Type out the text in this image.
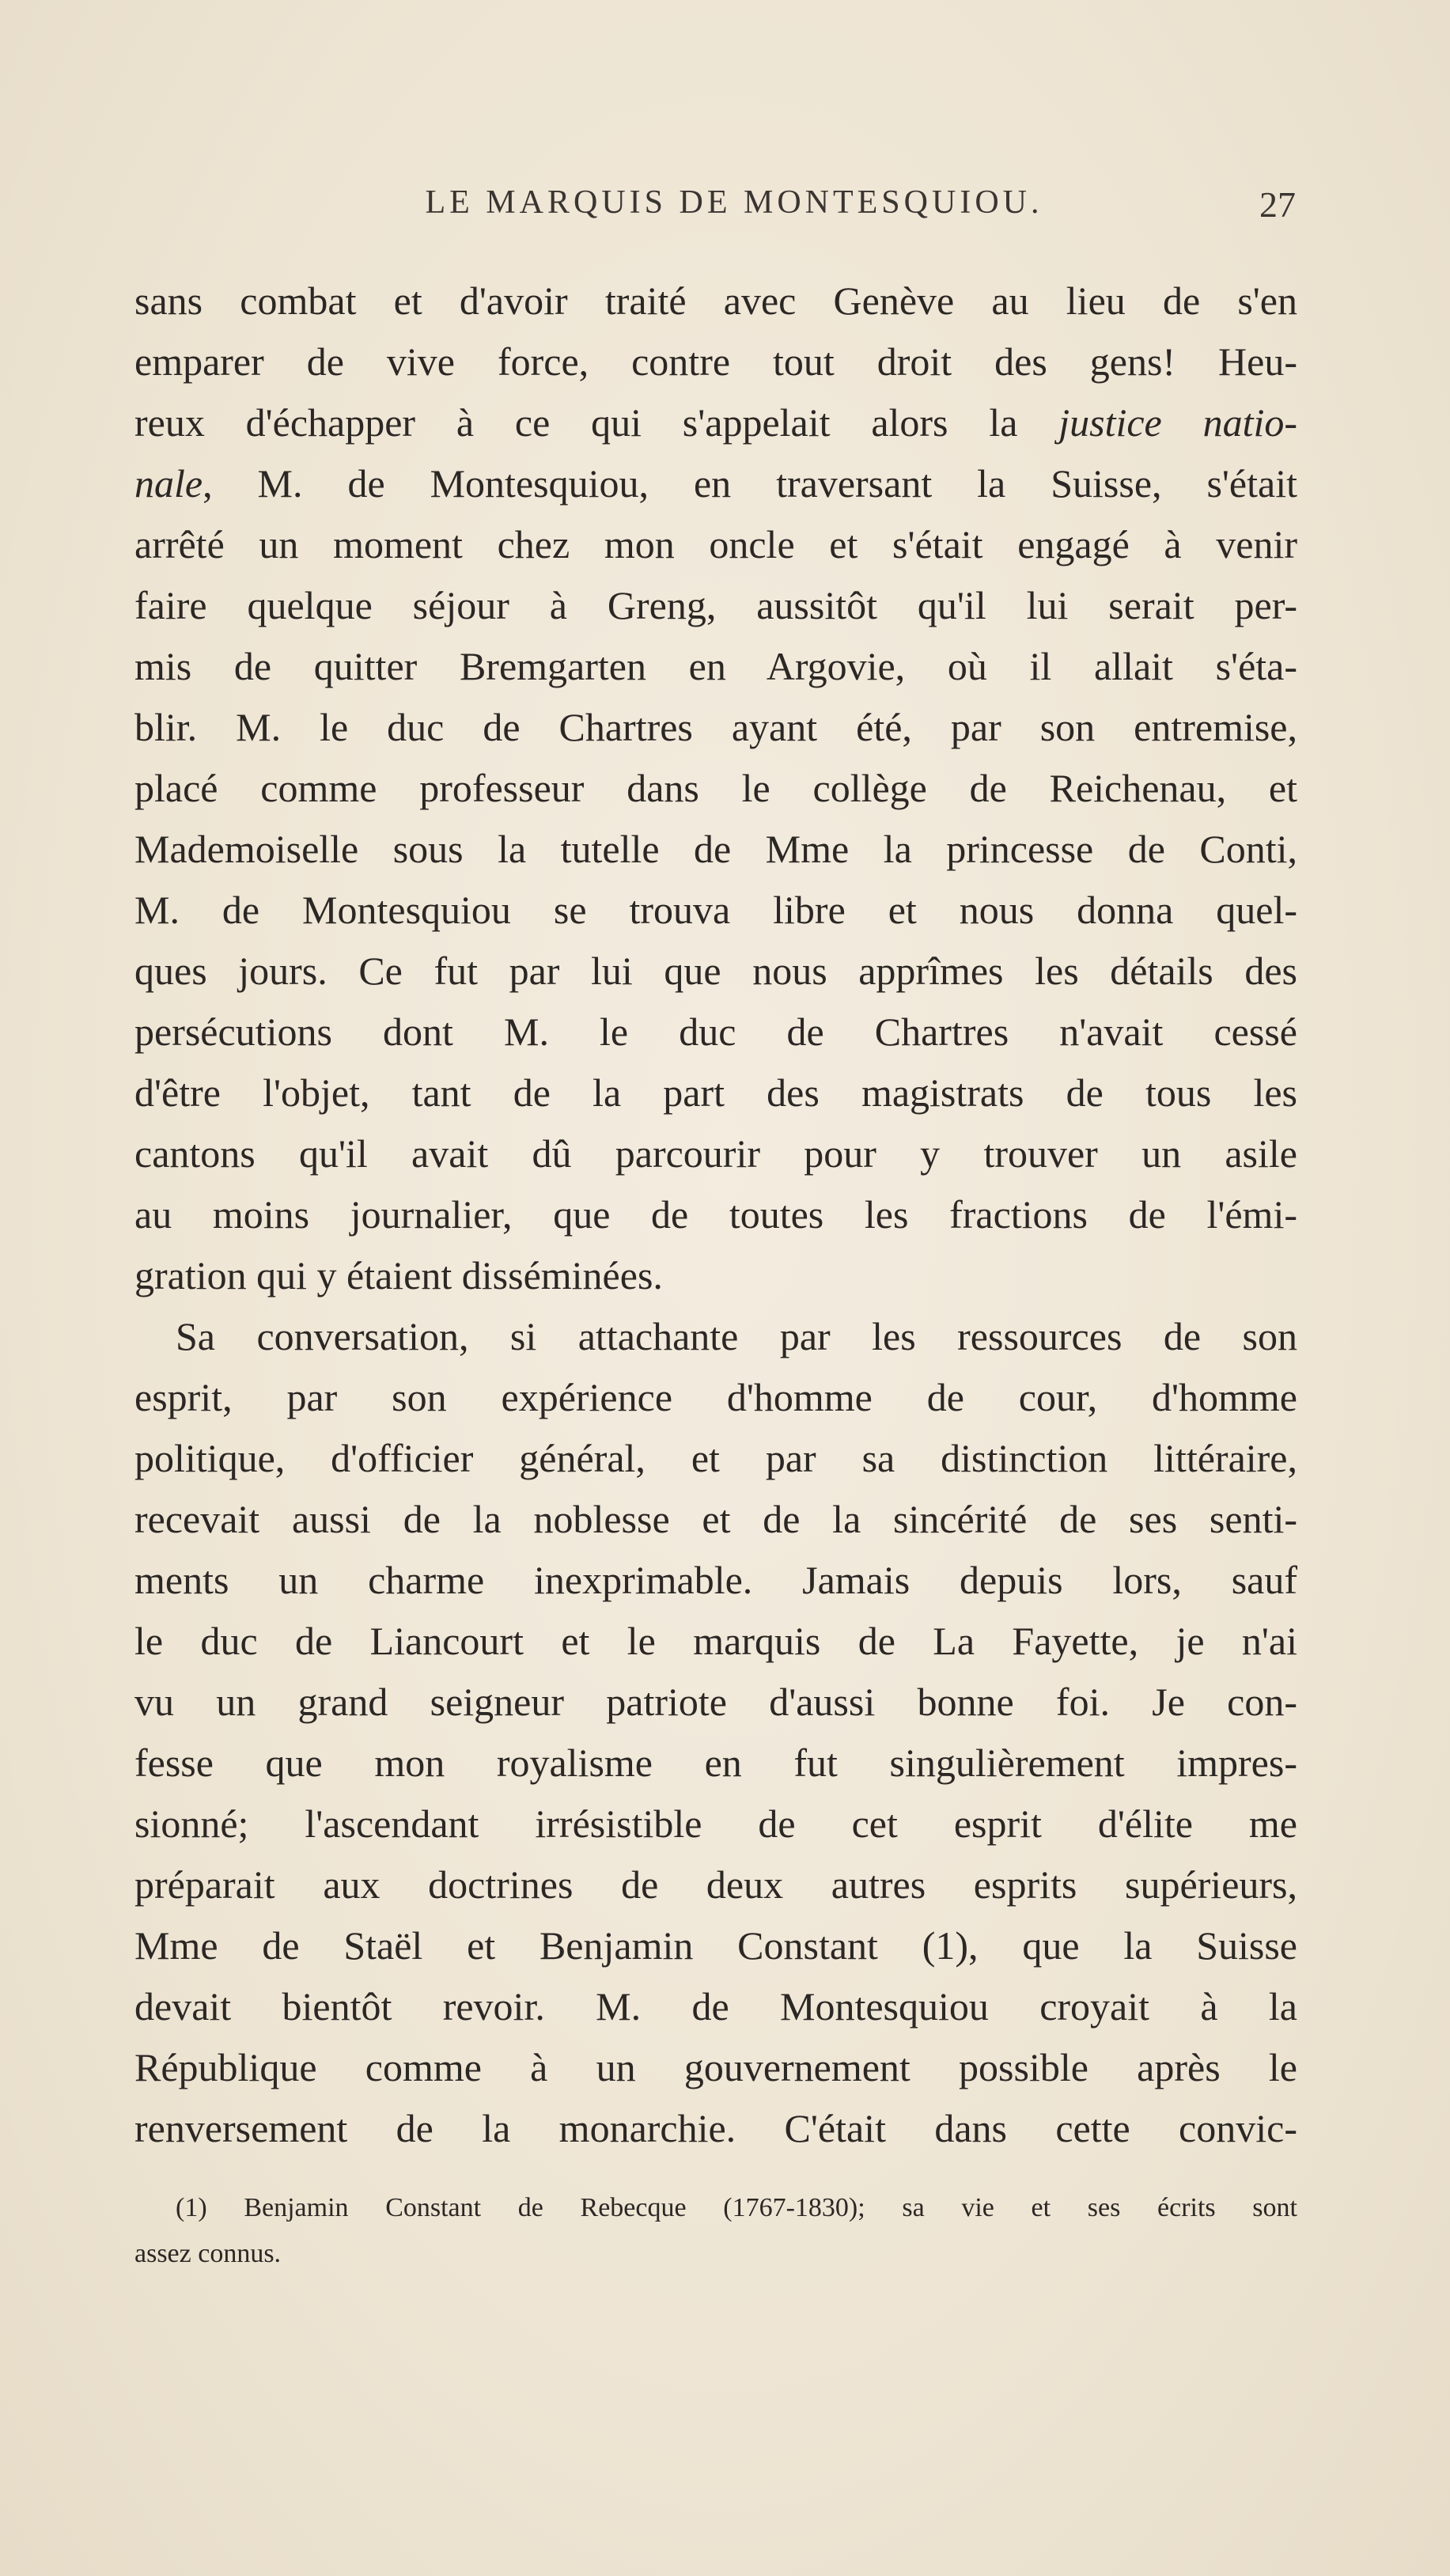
LE MARQUIS DE MONTESQUIOU.	27
sans combat et d'avoir traité avec Genève au lieu de s'en
emparer de vive force, contre tout droit des gens! Heu-
reux d'échapper à ce qui s'appelait alors la justice natio-
nale, M. de Montesquiou, en traversant la Suisse, s'était
arrêté un moment chez mon oncle et s'était engagé à venir
faire quelque séjour à Greng, aussitôt qu'il lui serait per-
mis de quitter Bremgarten en Argovie, où il allait s'éta-
blir. M. le duc de Chartres ayant été, par son entremise,
placé comme professeur dans le collège de Reichenau, et
Mademoiselle sous la tutelle de Mme la princesse de Conti,
M. de Montesquiou se trouva libre et nous donna quel-
ques jours. Ce fut par lui que nous apprîmes les détails des
persécutions dont M. le duc de Chartres n'avait cessé
d'être l'objet, tant de la part des magistrats de tous les
cantons qu'il avait dû parcourir pour y trouver un asile
au moins journalier, que de toutes les fractions de l'émi-
gration qui y étaient disséminées.
Sa conversation, si attachante par les ressources de son
esprit, par son expérience d'homme de cour, d'homme
politique, d'officier général, et par sa distinction littéraire,
recevait aussi de la noblesse et de la sincérité de ses senti-
ments un charme inexprimable. Jamais depuis lors, sauf
le duc de Liancourt et le marquis de La Fayette, je n'ai
vu un grand seigneur patriote d'aussi bonne foi. Je con-
fesse que mon royalisme en fut singulièrement impres-
sionné; l'ascendant irrésistible de cet esprit d'élite me
préparait aux doctrines de deux autres esprits supérieurs,
Mme de Staël et Benjamin Constant (1), que la Suisse
devait bientôt revoir. M. de Montesquiou croyait à la
République comme à un gouvernement possible après le
renversement de la monarchie. C'était dans cette convic-
(1) Benjamin Constant de Rebecque (1767-1830); sa vie et ses écrits sont
assez connus.
